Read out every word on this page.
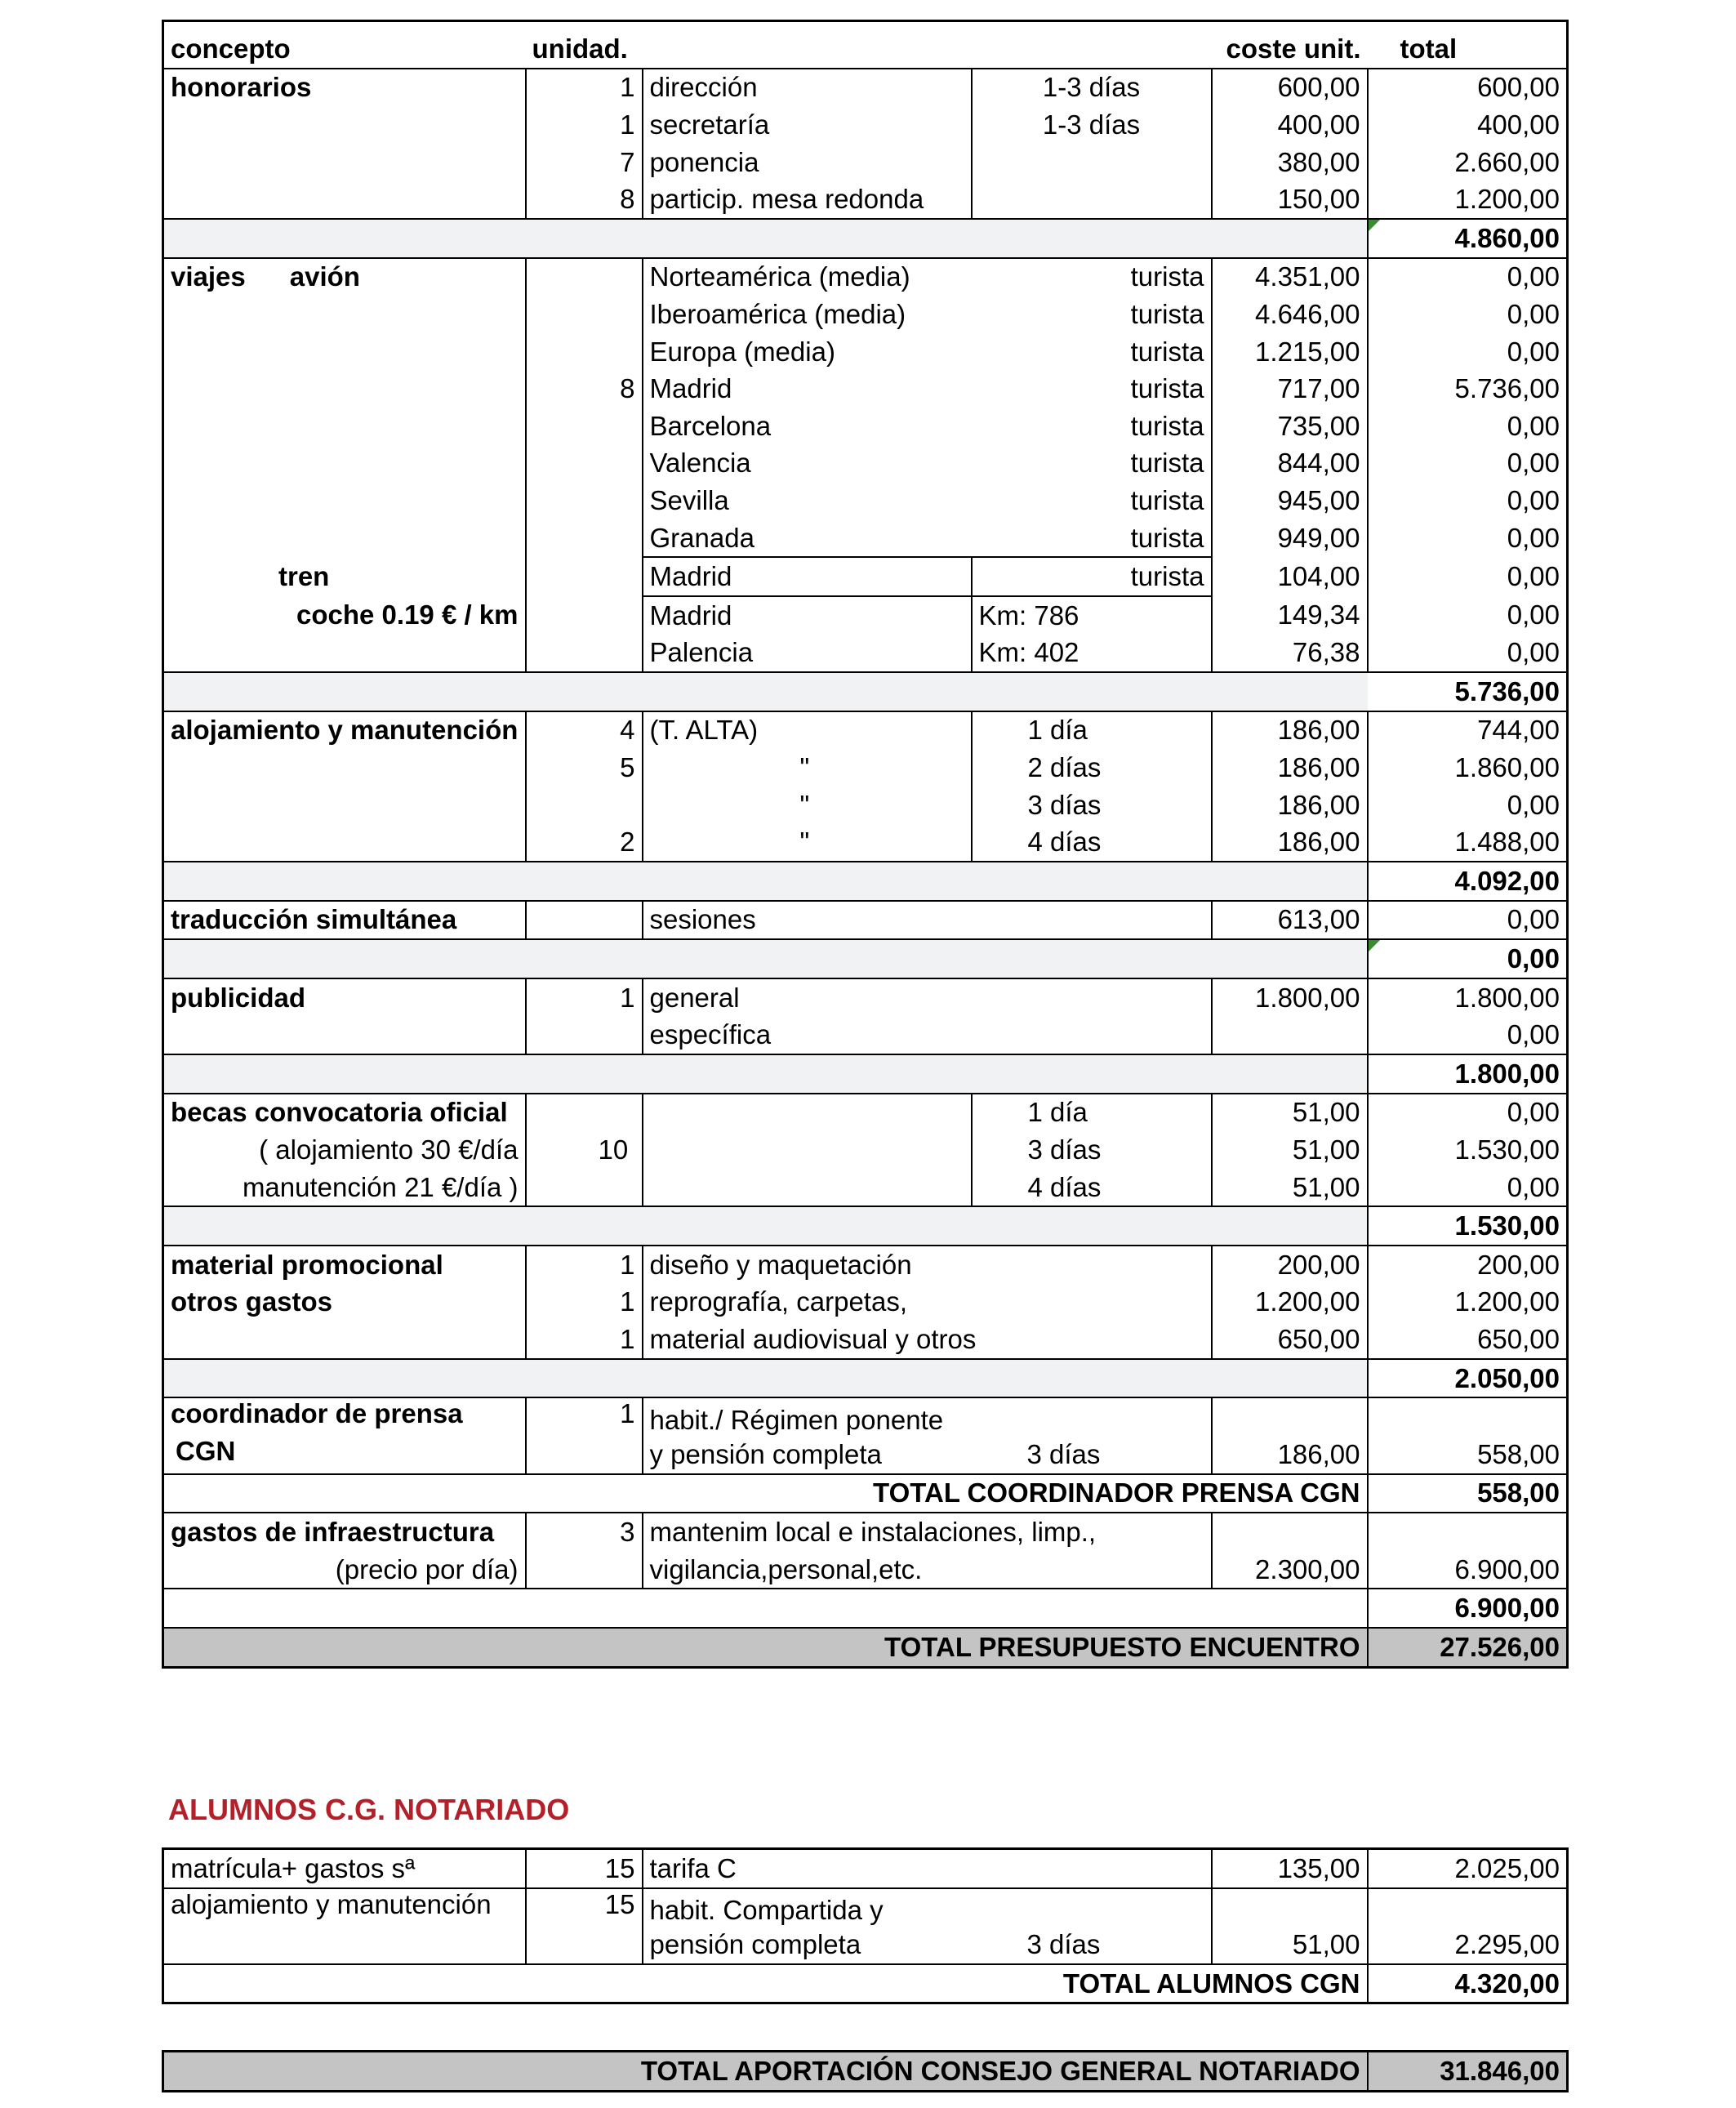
concepto	unidad.			coste unit.	total
honorarios	1	dirección	1-3 días	600,00	600,00
	1	secretaría	1-3 días	400,00	400,00
	7	ponencia		380,00	2.660,00
	8	particip. mesa redonda		150,00	1.200,00
					4.860,00
viajes avión		Norteamérica (media)	turista	4.351,00	0,00
		Iberoamérica (media)	turista	4.646,00	0,00
		Europa (media)	turista	1.215,00	0,00
	8	Madrid	turista	717,00	5.736,00
		Barcelona	turista	735,00	0,00
		Valencia	turista	844,00	0,00
		Sevilla	turista	945,00	0,00
		Granada	turista	949,00	0,00
tren		Madrid	turista	104,00	0,00
coche 0.19 € / km		Madrid	Km: 786	149,34	0,00
		Palencia	Km: 402	76,38	0,00
					5.736,00
alojamiento y manutención	4	(T. ALTA)	1 día	186,00	744,00
	5	"	2 días	186,00	1.860,00
		"	3 días	186,00	0,00
	2	"	4 días	186,00	1.488,00
					4.092,00
traducción simultánea		sesiones		613,00	0,00
					0,00
publicidad	1	general		1.800,00	1.800,00
		específica			0,00
					1.800,00
becas convocatoria oficial			1 día	51,00	0,00
( alojamiento 30 €/día	10		3 días	51,00	1.530,00
manutención 21 €/día )			4 días	51,00	0,00
					1.530,00
material promocional	1	diseño y maquetación		200,00	200,00
otros gastos	1	reprografía, carpetas,		1.200,00	1.200,00
	1	material audiovisual y otros		650,00	650,00
					2.050,00
coordinador de prensa	1	habit./ Régimen ponente			
CGN		y pensión completa	3 días	186,00	558,00
TOTAL COORDINADOR PRENSA CGN					558,00
gastos de infraestructura	3	mantenim local e instalaciones, limp.,			
(precio por día)		vigilancia,personal,etc.		2.300,00	6.900,00
					6.900,00
TOTAL PRESUPUESTO ENCUENTRO					27.526,00
ALUMNOS C.G. NOTARIADO
matrícula+ gastos sª	15	tarifa C		135,00	2.025,00
alojamiento y manutención	15	habit. Compartida y			
		pensión completa	3 días	51,00	2.295,00
TOTAL ALUMNOS CGN					4.320,00
TOTAL APORTACIÓN CONSEJO GENERAL NOTARIADO	31.846,00
